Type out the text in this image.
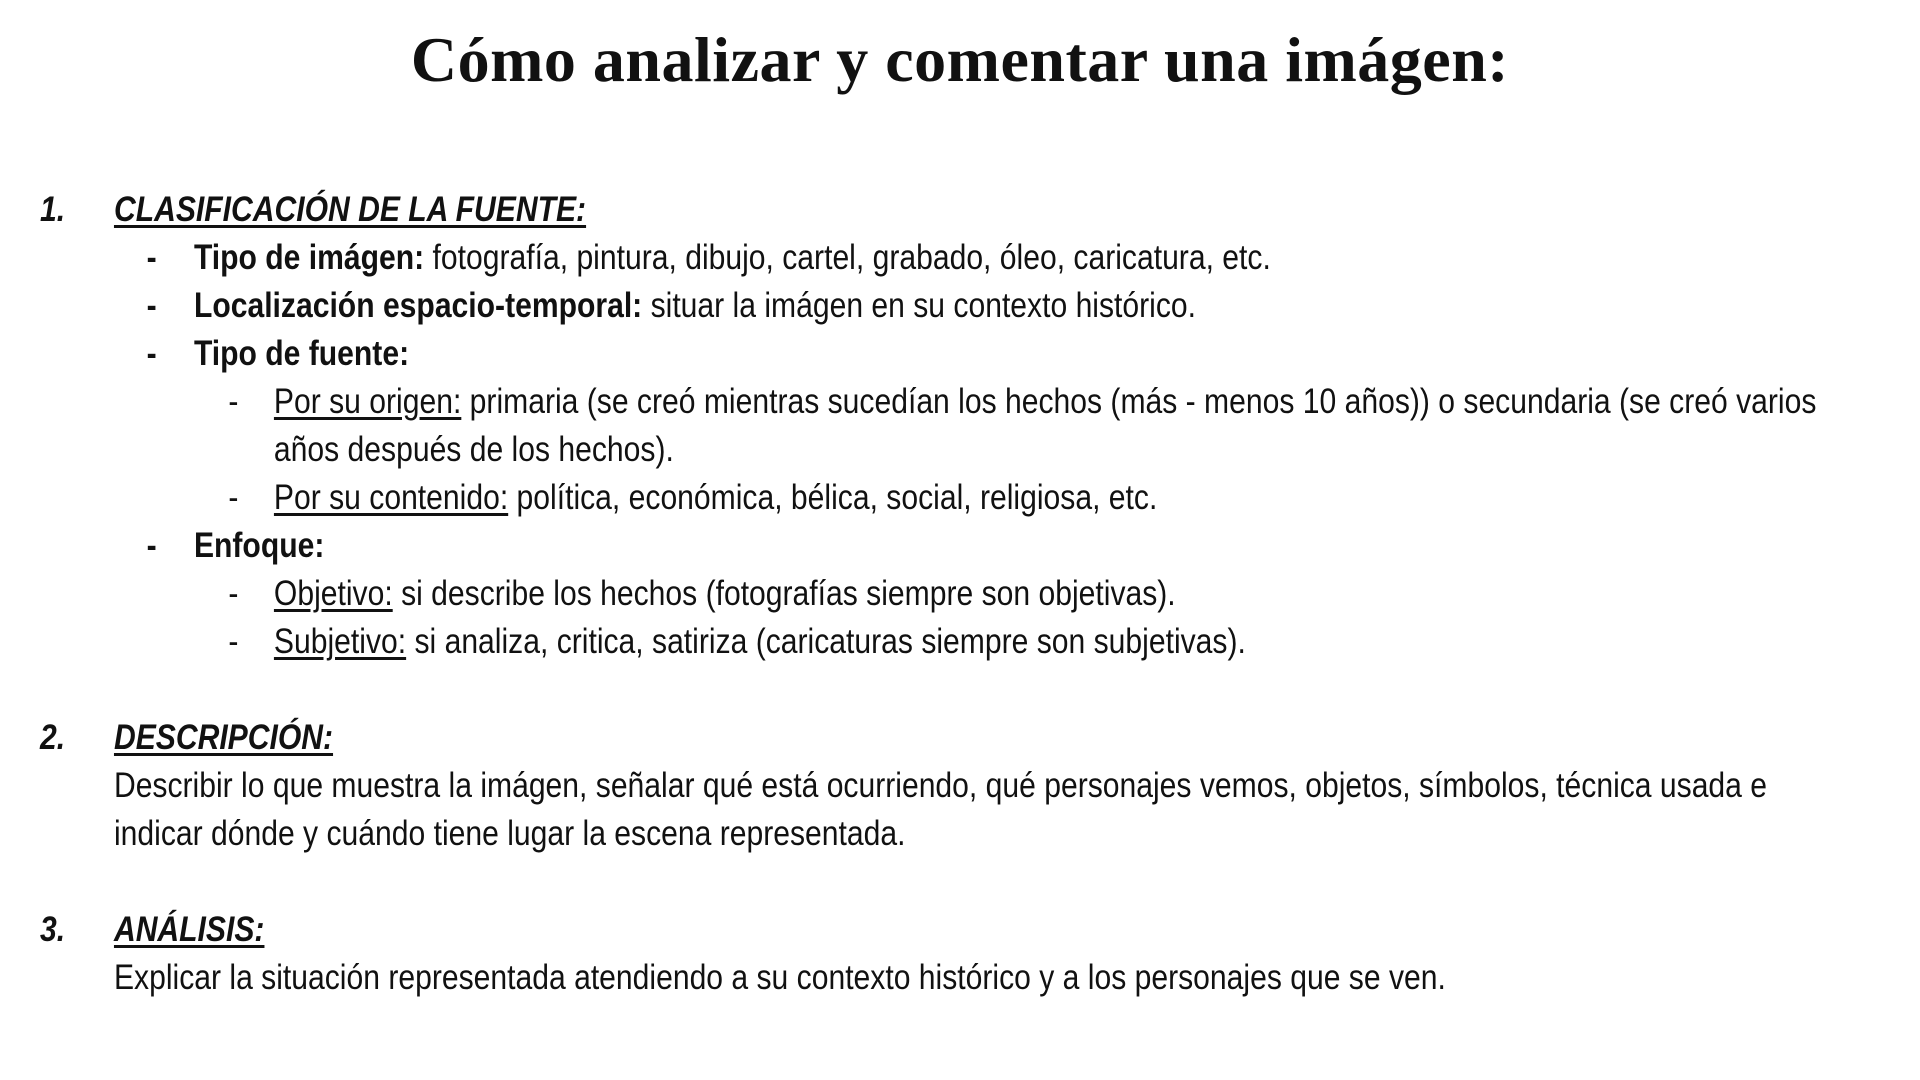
Cómo analizar y comentar una imágen:
1. CLASIFICACIÓN DE LA FUENTE:
-	Tipo de imágen: fotografía, pintura, dibujo, cartel, grabado, óleo, caricatura, etc.
-	Localización espacio-temporal: situar la imágen en su contexto histórico.
-	Tipo de fuente:
-	Por su origen: primaria (se creó mientras sucedían los hechos (más - menos 10 años)) o secundaria (se creó varios años después de los hechos).
-	Por su contenido: política, económica, bélica, social, religiosa, etc.
-	Enfoque:
-	Objetivo: si describe los hechos (fotografías siempre son objetivas).
-	Subjetivo: si analiza, critica, satiriza (caricaturas siempre son subjetivas).
2. DESCRIPCIÓN:

Describir lo que muestra la imágen, señalar qué está ocurriendo, qué personajes vemos, objetos, símbolos, técnica usada e indicar dónde y cuándo tiene lugar la escena representada.

3. ANÁLISIS:

Explicar la situación representada atendiendo a su contexto histórico y a los personajes que se ven.
